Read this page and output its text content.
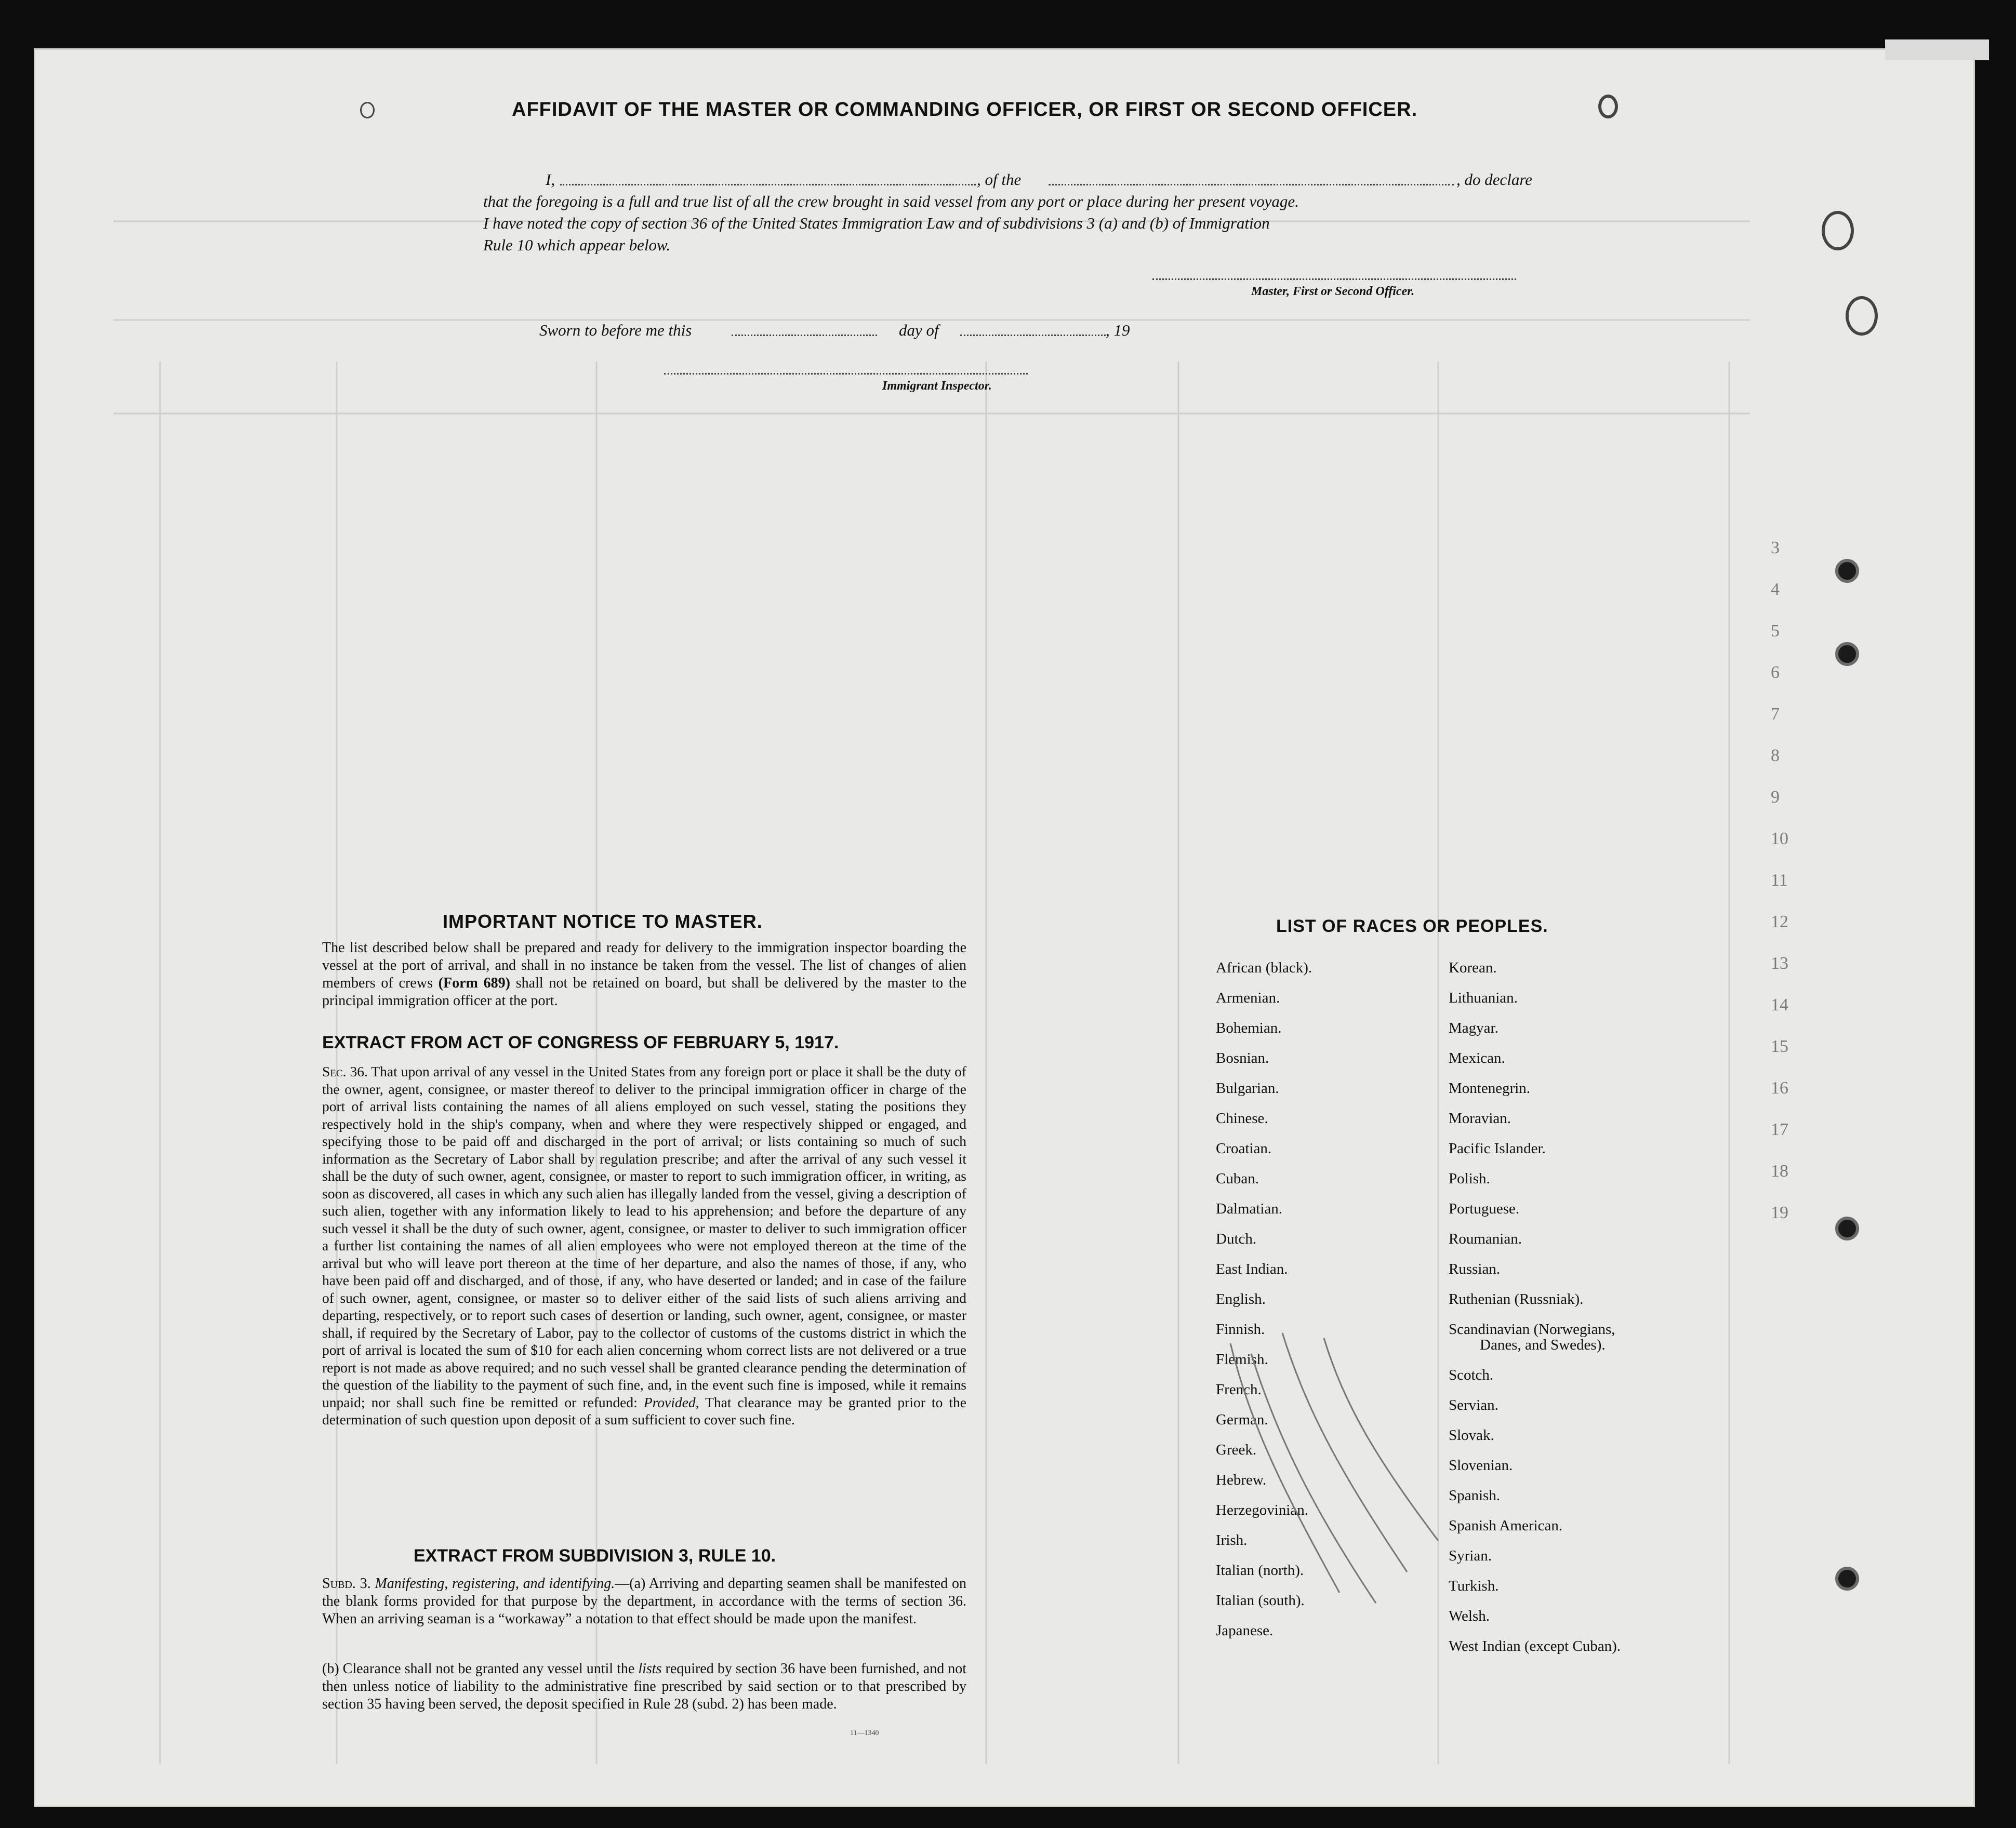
AFFIDAVIT OF THE MASTER OR COMMANDING OFFICER, OR FIRST OR SECOND OFFICER.
I,	, of the	, do declare
that the foregoing is a full and true list of all the crew brought in said vessel from any port or place during her present voyage.
I have noted the copy of section 36 of the United States Immigration Law and of subdivisions 3 (a) and (b) of Immigration
Rule 10 which appear below.
Master, First or Second Officer.
Sworn to before me this	day of	, 19
Immigrant Inspector.
IMPORTANT NOTICE TO MASTER.
The list described below shall be prepared and ready for delivery to the immigration inspector boarding the vessel at the port of arrival, and shall in no instance be taken from the vessel. The list of changes of alien members of crews (Form 689) shall not be retained on board, but shall be delivered by the master to the principal immigration officer at the port.
EXTRACT FROM ACT OF CONGRESS OF FEBRUARY 5, 1917.
Sec. 36. That upon arrival of any vessel in the United States from any foreign port or place it shall be the duty of the owner, agent, consignee, or master thereof to deliver to the principal immigration officer in charge of the port of arrival lists containing the names of all aliens employed on such vessel, stating the positions they respectively hold in the ship's company, when and where they were respectively shipped or engaged, and specifying those to be paid off and discharged in the port of arrival; or lists containing so much of such information as the Secretary of Labor shall by regulation prescribe; and after the arrival of any such vessel it shall be the duty of such owner, agent, consignee, or master to report to such immigration officer, in writing, as soon as discovered, all cases in which any such alien has illegally landed from the vessel, giving a description of such alien, together with any information likely to lead to his apprehension; and before the departure of any such vessel it shall be the duty of such owner, agent, consignee, or master to deliver to such immigration officer a further list containing the names of all alien employees who were not employed thereon at the time of the arrival but who will leave port thereon at the time of her departure, and also the names of those, if any, who have been paid off and discharged, and of those, if any, who have deserted or landed; and in case of the failure of such owner, agent, consignee, or master so to deliver either of the said lists of such aliens arriving and departing, respectively, or to report such cases of desertion or landing, such owner, agent, consignee, or master shall, if required by the Secretary of Labor, pay to the collector of customs of the customs district in which the port of arrival is located the sum of $10 for each alien concerning whom correct lists are not delivered or a true report is not made as above required; and no such vessel shall be granted clearance pending the determination of the question of the liability to the payment of such fine, and, in the event such fine is imposed, while it remains unpaid; nor shall such fine be remitted or refunded: Provided, That clearance may be granted prior to the determination of such question upon deposit of a sum sufficient to cover such fine.
EXTRACT FROM SUBDIVISION 3, RULE 10.
Subd. 3. Manifesting, registering, and identifying.—(a) Arriving and departing seamen shall be manifested on the blank forms provided for that purpose by the department, in accordance with the terms of section 36. When an arriving seaman is a “workaway” a notation to that effect should be made upon the manifest.
(b) Clearance shall not be granted any vessel until the lists required by section 36 have been furnished, and not then unless notice of liability to the administrative fine prescribed by said section or to that prescribed by section 35 having been served, the deposit specified in Rule 28 (subd. 2) has been made.
11—1340
LIST OF RACES OR PEOPLES.
African (black).
Armenian.
Bohemian.
Bosnian.
Bulgarian.
Chinese.
Croatian.
Cuban.
Dalmatian.
Dutch.
East Indian.
English.
Finnish.
Flemish.
French.
German.
Greek.
Hebrew.
Herzegovinian.
Irish.
Italian (north).
Italian (south).
Japanese.
Korean.
Lithuanian.
Magyar.
Mexican.
Montenegrin.
Moravian.
Pacific Islander.
Polish.
Portuguese.
Roumanian.
Russian.
Ruthenian (Russniak).
Scandinavian (Norwegians,
Danes, and Swedes).
Scotch.
Servian.
Slovak.
Slovenian.
Spanish.
Spanish American.
Syrian.
Turkish.
Welsh.
West Indian (except Cuban).
3
4
5
6
7
8
9
10
11
12
13
14
15
16
17
18
19
